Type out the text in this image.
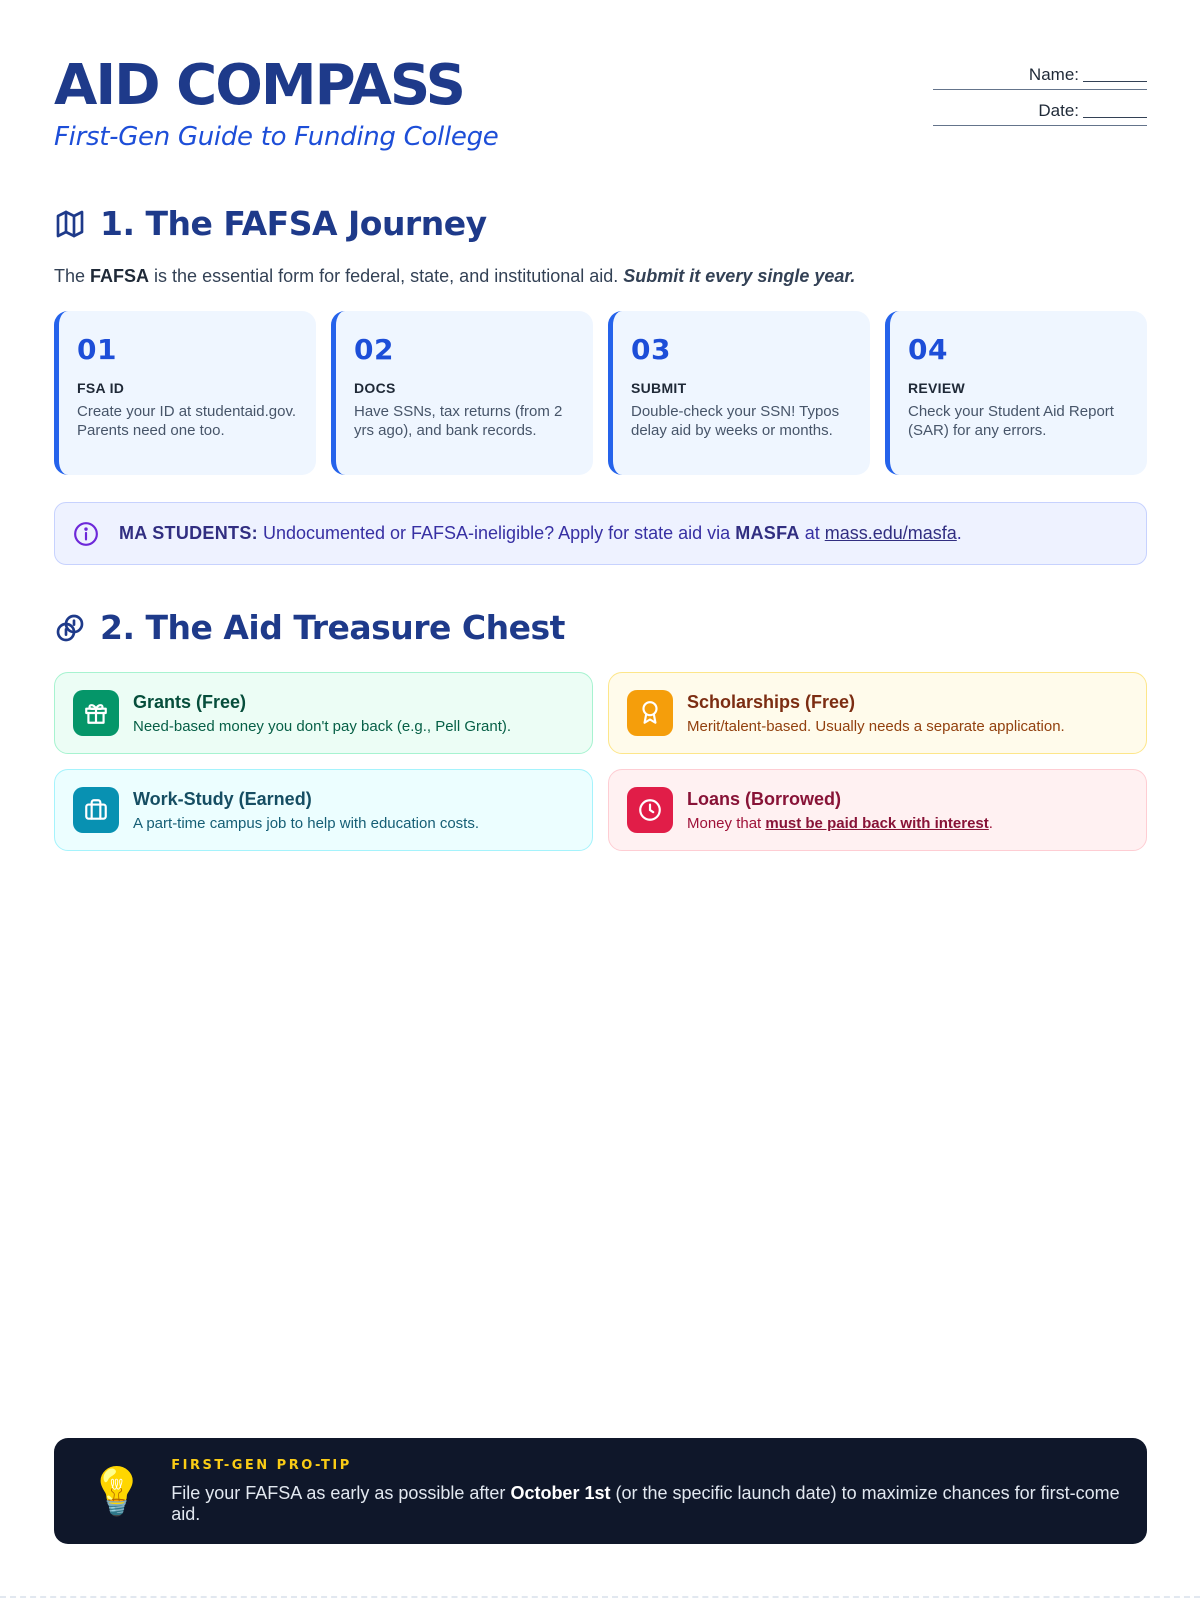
AID COMPASS
First-Gen Guide to Funding College
Name:
Date:
1. The FAFSA Journey
The FAFSA is the essential form for federal, state, and institutional aid. Submit it every single year.
01
FSA ID
Create your ID at studentaid.gov. Parents need one too.
02
DOCS
Have SSNs, tax returns (from 2 yrs ago), and bank records.
03
SUBMIT
Double-check your SSN! Typos delay aid by weeks or months.
04
REVIEW
Check your Student Aid Report (SAR) for any errors.
MA STUDENTS: Undocumented or FAFSA-ineligible? Apply for state aid via MASFA at mass.edu/masfa.
2. The Aid Treasure Chest
Grants (Free)
Need-based money you don't pay back (e.g., Pell Grant).
Scholarships (Free)
Merit/talent-based. Usually needs a separate application.
Work-Study (Earned)
A part-time campus job to help with education costs.
Loans (Borrowed)
Money that must be paid back with interest.
💡 FIRST-GEN PRO-TIP
File your FAFSA as early as possible after October 1st (or the specific launch date) to maximize chances for first-come aid.
